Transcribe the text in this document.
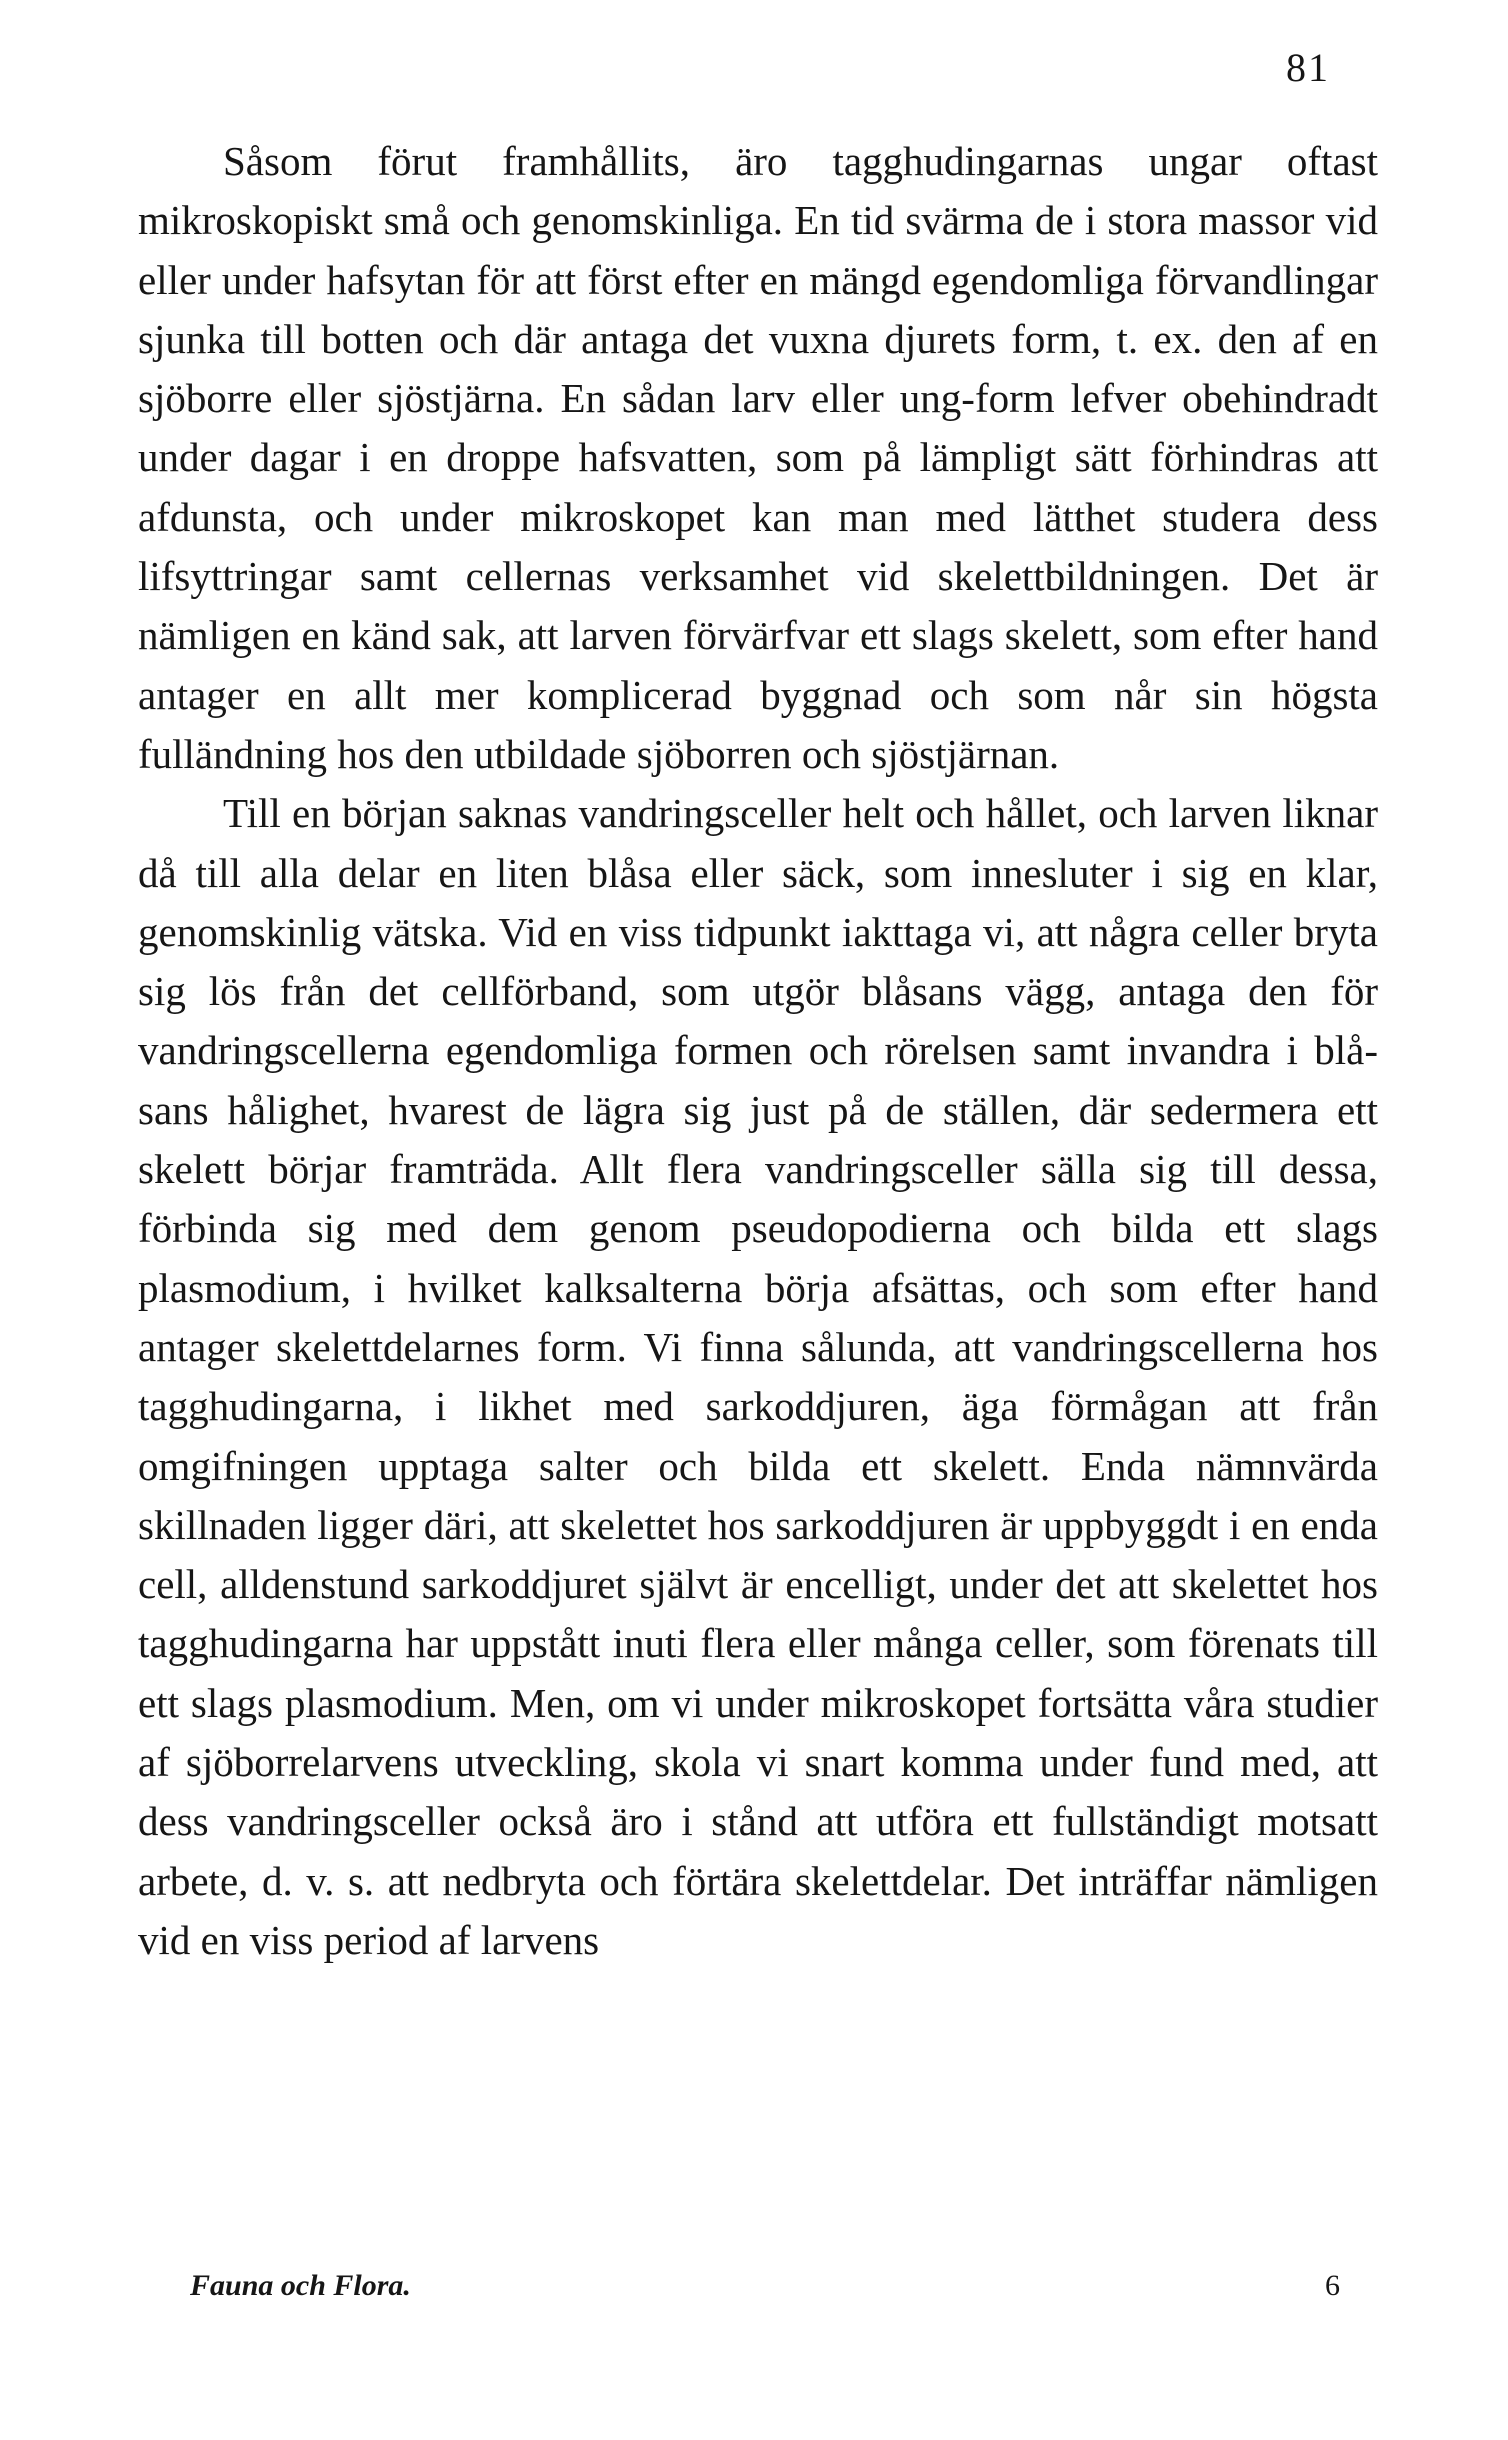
81

Såsom förut framhållits, äro tagghudingarnas ungar oftast mikroskopiskt små och genomskinliga. En tid svärma de i stora massor vid eller under hafsytan för att först efter en mängd egendomliga förvandlingar sjunka till botten och där antaga det vuxna djurets form, t. ex. den af en sjöborre eller sjöstjärna. En sådan larv eller ung-form lefver obehindradt under dagar i en droppe hafsvatten, som på lämpligt sätt förhindras att afdunsta, och under mikroskopet kan man med lätthet studera dess lifsyttringar samt cellernas verksamhet vid skelettbildningen. Det är nämligen en känd sak, att larven förvärfvar ett slags skelett, som efter hand antager en allt mer komplicerad byggnad och som når sin högsta fulländning hos den utbildade sjöborren och sjöstjärnan.

Till en början saknas vandringsceller helt och hållet, och larven liknar då till alla delar en liten blåsa eller säck, som innesluter i sig en klar, genomskinlig vätska. Vid en viss tidpunkt iakttaga vi, att några celler bryta sig lös från det cellförband, som utgör blåsans vägg, antaga den för vandringscellerna egendomliga formen och rörelsen samt invandra i blåsans hålighet, hvarest de lägra sig just på de ställen, där sedermera ett skelett börjar framträda. Allt flera vandringsceller sälla sig till dessa, förbinda sig med dem genom pseudopodierna och bilda ett slags plasmodium, i hvilket kalksalterna börja afsättas, och som efter hand antager skelettdelarnes form. Vi finna sålunda, att vandringscellerna hos tagghudingarna, i likhet med sarkoddjuren, äga förmågan att från omgifningen upptaga salter och bilda ett skelett. Enda nämnvärda skillnaden ligger däri, att skelettet hos sarkoddjuren är uppbyggdt i en enda cell, alldenstund sarkoddjuret självt är encelligt, under det att skelettet hos tagghudingarna har uppstått inuti flera eller många celler, som förenats till ett slags plasmodium. Men, om vi under mikroskopet fortsätta våra studier af sjöborrelarvens utveckling, skola vi snart komma under fund med, att dess vandringsceller också äro i stånd att utföra ett fullständigt motsatt arbete, d. v. s. att nedbryta och förtära skelettdelar. Det inträffar nämligen vid en viss period af larvens

Fauna och Flora.	6
